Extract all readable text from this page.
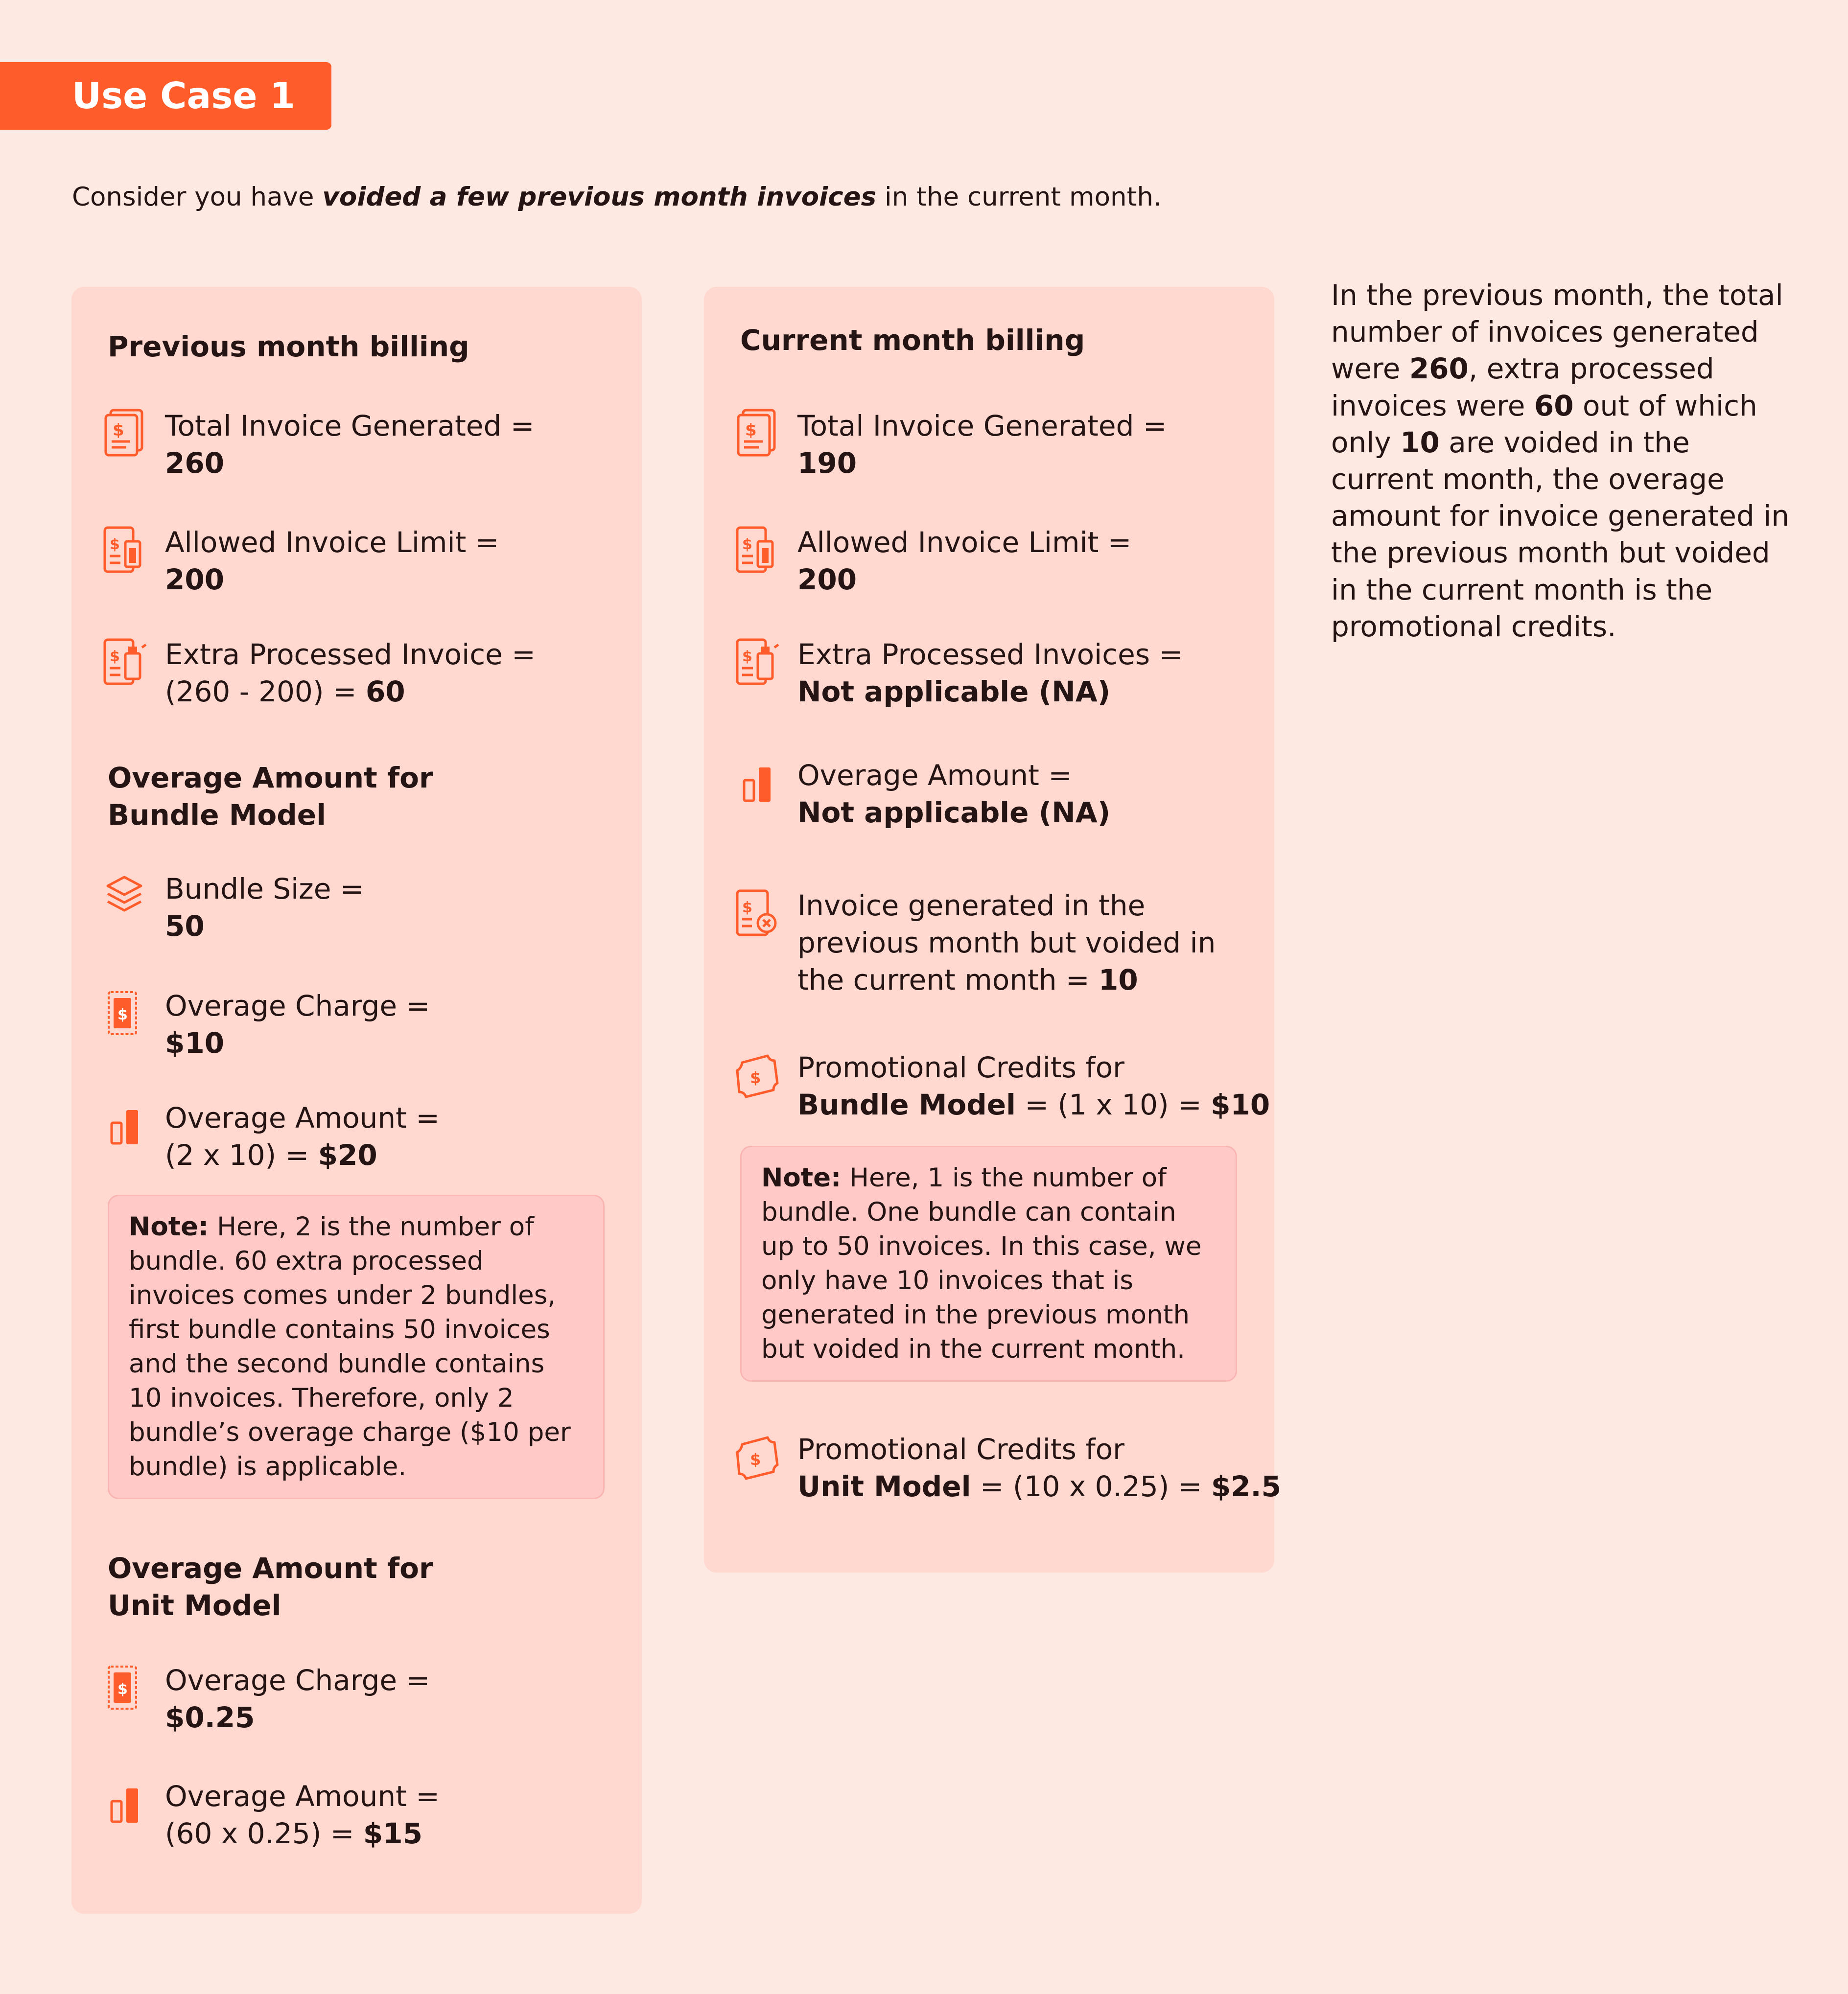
Use Case 1
Consider you have voided a few previous month invoices in the current month.
Previous month billing
$ Total Invoice Generated =
260
$ Allowed Invoice Limit =
200
$ Extra Processed Invoice =
(260 - 200) = 60
Overage Amount for
Bundle Model
Bundle Size =
50
$ Overage Charge =
$10
Overage Amount =
(2 x 10) = $20
Note: Here, 2 is the number of bundle. 60 extra processed invoices comes under 2 bundles, first bundle contains 50 invoices and the second bundle contains 10 invoices. Therefore, only 2 bundle’s overage charge ($10 per bundle) is applicable.
Overage Amount for
Unit Model
$ Overage Charge =
$0.25
Overage Amount =
(60 x 0.25) = $15
Current month billing
$ Total Invoice Generated =
190
$ Allowed Invoice Limit =
200
$ Extra Processed Invoices =
Not applicable (NA)
Overage Amount =
Not applicable (NA)
$ Invoice generated in the
previous month but voided in
the current month = 10
$ Promotional Credits for
Bundle Model = (1 x 10) = $10
Note: Here, 1 is the number of bundle. One bundle can contain up to 50 invoices. In this case, we only have 10 invoices that is generated in the previous month but voided in the current month.
$ Promotional Credits for
Unit Model = (10 x 0.25) = $2.5
In the previous month, the total number of invoices generated were 260, extra processed invoices were 60 out of which only 10 are voided in the current month, the overage amount for invoice generated in the previous month but voided in the current month is the promotional credits.
